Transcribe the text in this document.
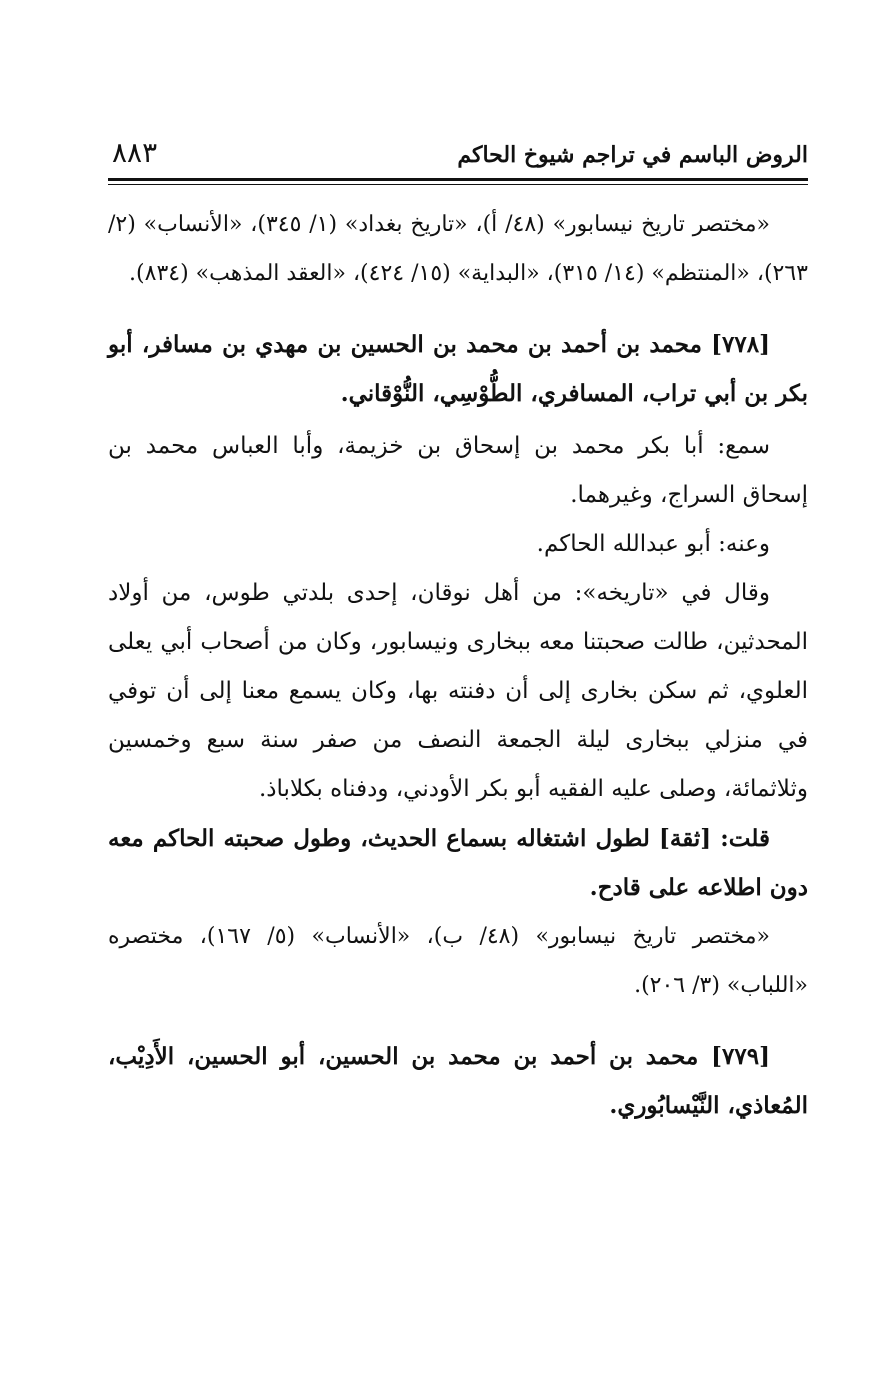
الروض الباسم في تراجم شيوخ الحاكم
٨٨٣

«مختصر تاريخ نيسابور» (٤٨/ أ)، «تاريخ بغداد» (١/ ٣٤٥)، «الأنساب» (٢/ ٢٦٣)، «المنتظم» (١٤/ ٣١٥)، «البداية» (١٥/ ٤٢٤)، «العقد المذهب» (٨٣٤).

[٧٧٨] محمد بن أحمد بن محمد بن الحسين بن مهدي بن مسافر، أبو بكر بن أبي تراب، المسافري، الطُّوْسِي، النُّوْقاني.

سمع: أبا بكر محمد بن إسحاق بن خزيمة، وأبا العباس محمد بن إسحاق السراج، وغيرهما.

وعنه: أبو عبدالله الحاكم.

وقال في «تاريخه»: من أهل نوقان، إحدى بلدتي طوس، من أولاد المحدثين، طالت صحبتنا معه ببخارى ونيسابور، وكان من أصحاب أبي يعلى العلوي، ثم سكن بخارى إلى أن دفنته بها، وكان يسمع معنا إلى أن توفي في منزلي ببخارى ليلة الجمعة النصف من صفر سنة سبع وخمسين وثلاثمائة، وصلى عليه الفقيه أبو بكر الأودني، ودفناه بكلاباذ.

قلت: [ثقة] لطول اشتغاله بسماع الحديث، وطول صحبته الحاكم معه دون اطلاعه على قادح.

«مختصر تاريخ نيسابور» (٤٨/ ب)، «الأنساب» (٥/ ١٦٧)، مختصره «اللباب» (٣/ ٢٠٦).

[٧٧٩] محمد بن أحمد بن محمد بن الحسين، أبو الحسين، الأَدِيْب، المُعاذي، النَّيْسابُوري.
